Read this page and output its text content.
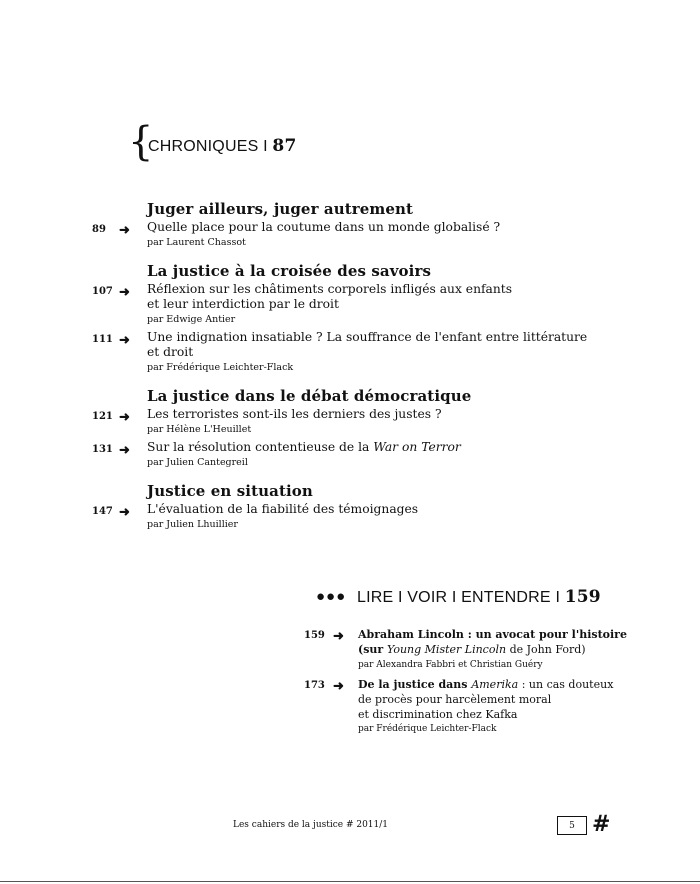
{
CHRONIQUES I 87
Juger ailleurs, juger autrement
89 ➜ Quelle place pour la coutume dans un monde globalisé ?
par Laurent Chassot
La justice à la croisée des savoirs
107 ➜ Réflexion sur les châtiments corporels infligés aux enfants
et leur interdiction par le droit
par Edwige Antier
111 ➜ Une indignation insatiable ? La souffrance de l'enfant entre littérature
et droit
par Frédérique Leichter-Flack
La justice dans le débat démocratique
121 ➜ Les terroristes sont-ils les derniers des justes ?
par Hélène L'Heuillet
131 ➜ Sur la résolution contentieuse de la War on Terror
par Julien Cantegreil
Justice en situation
147 ➜ L'évaluation de la fiabilité des témoignages
par Julien Lhuillier
●●● LIRE I VOIR I ENTENDRE I 159
159 ➜ Abraham Lincoln : un avocat pour l'histoire
(sur Young Mister Lincoln de John Ford)
par Alexandra Fabbri et Christian Guéry
173 ➜ De la justice dans Amerika : un cas douteux
de procès pour harcèlement moral
et discrimination chez Kafka
par Frédérique Leichter-Flack
Les cahiers de la justice # 2011/1	5 #
